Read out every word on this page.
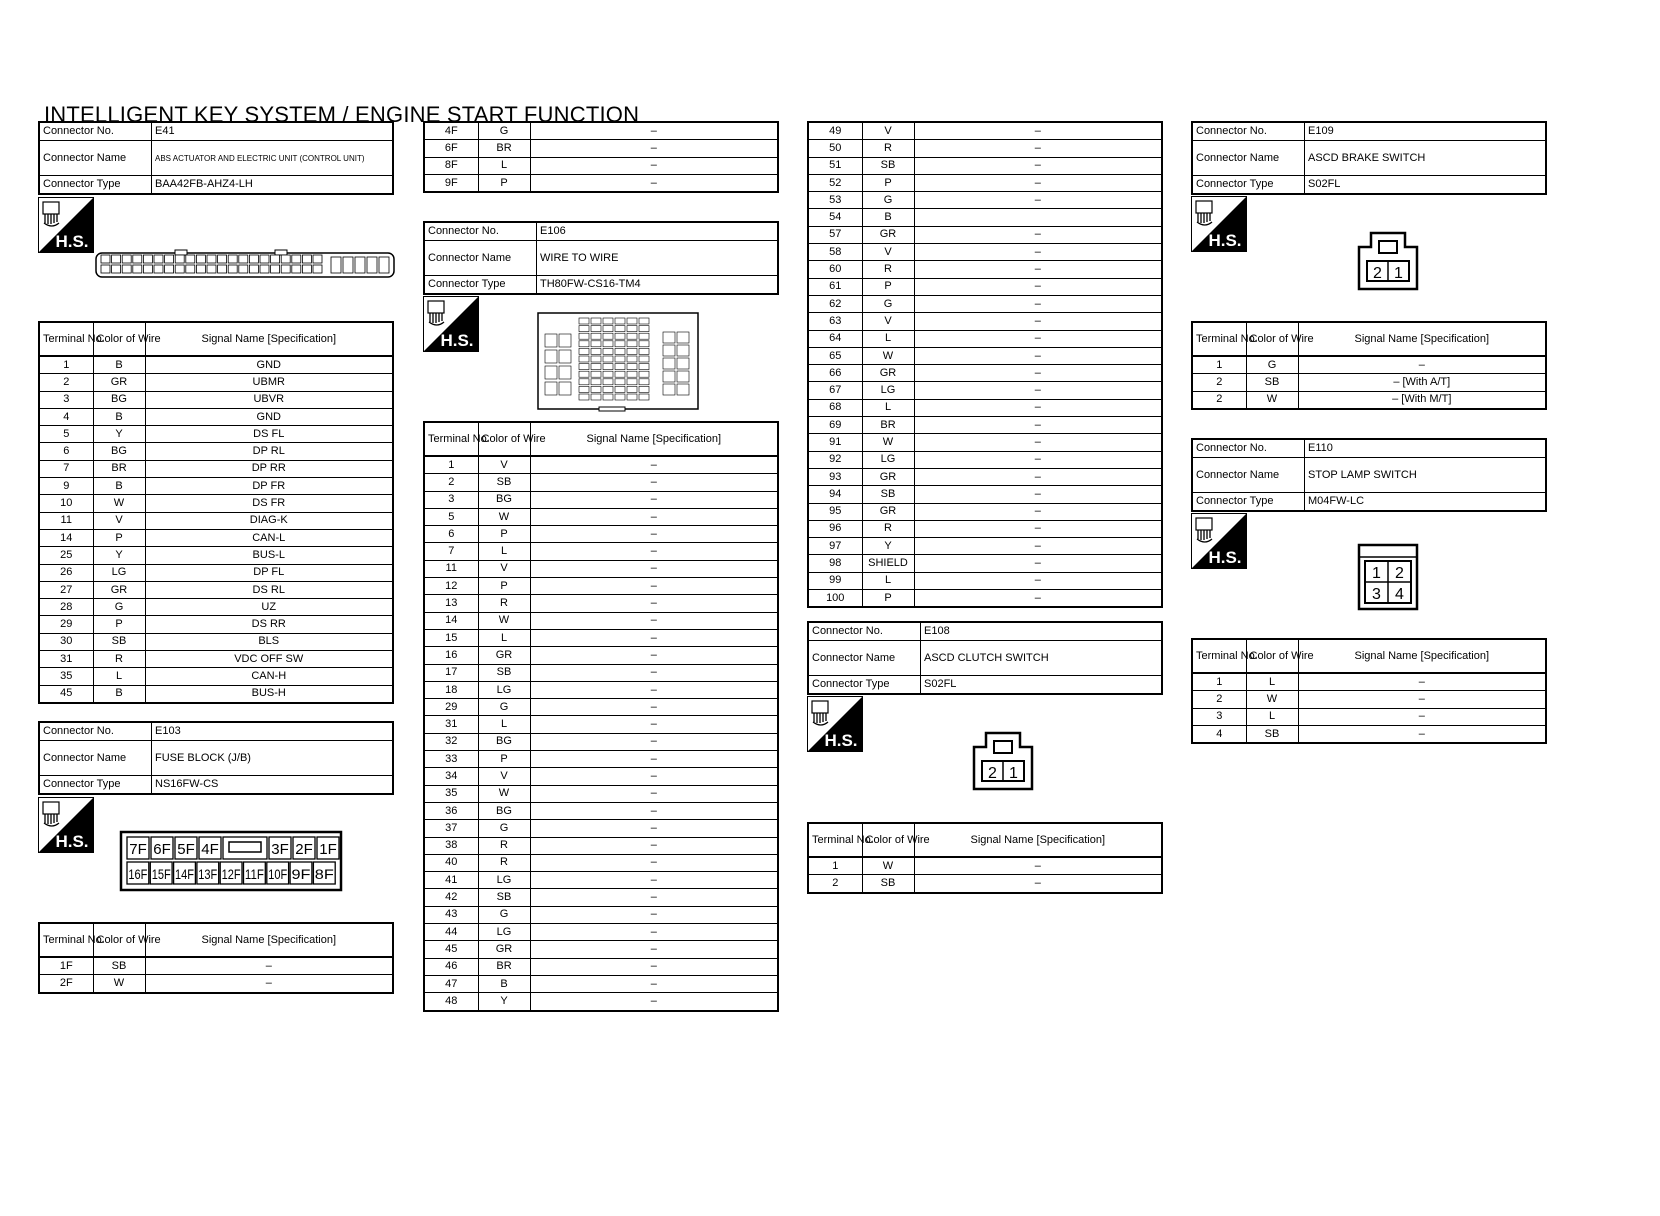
INTELLIGENT KEY SYSTEM / ENGINE START FUNCTION
Connector No.	E41
Connector Name	ABS ACTUATOR AND ELECTRIC UNIT (CONTROL UNIT)
Connector Type	BAA42FB-AHZ4-LH
H.S.
Terminal No.	Color of Wire	Signal Name [Specification]
1	B	GND
2	GR	UBMR
3	BG	UBVR
4	B	GND
5	Y	DS FL
6	BG	DP RL
7	BR	DP RR
9	B	DP FR
10	W	DS FR
11	V	DIAG-K
14	P	CAN-L
25	Y	BUS-L
26	LG	DP FL
27	GR	DS RL
28	G	UZ
29	P	DS RR
30	SB	BLS
31	R	VDC OFF SW
35	L	CAN-H
45	B	BUS-H
Connector No.	E103
Connector Name	FUSE BLOCK (J/B)
Connector Type	NS16FW-CS
H.S.	7F 6F 5F 4F	3F 2F 1F
16F 15F 14F 13F 12F 11F 10F 9F 8F
Terminal No.	Color of Wire	Signal Name [Specification]
1F	SB	–
2F	W	–
4F	G	–
6F	BR	–
8F	L	–
9F	P	–
Connector No.	E106
Connector Name	WIRE TO WIRE
Connector Type	TH80FW-CS16-TM4
H.S.
Terminal No.	Color of Wire	Signal Name [Specification]
1	V	–
2	SB	–
3	BG	–
5	W	–
6	P	–
7	L	–
11	V	–
12	P	–
13	R	–
14	W	–
15	L	–
16	GR	–
17	SB	–
18	LG	–
29	G	–
31	L	–
32	BG	–
33	P	–
34	V	–
35	W	–
36	BG	–
37	G	–
38	R	–
40	R	–
41	LG	–
42	SB	–
43	G	–
44	LG	–
45	GR	–
46	BR	–
47	B	–
48	Y	–
49	V	–
50	R	–
51	SB	–
52	P	–
53	G	–
54	B	
57	GR	–
58	V	–
60	R	–
61	P	–
62	G	–
63	V	–
64	L	–
65	W	–
66	GR	–
67	LG	–
68	L	–
69	BR	–
91	W	–
92	LG	–
93	GR	–
94	SB	–
95	GR	–
96	R	–
97	Y	–
98	SHIELD	–
99	L	–
100	P	–
Connector No.	E108
Connector Name	ASCD CLUTCH SWITCH
Connector Type	S02FL
H.S.
2 1
Terminal No.	Color of Wire	Signal Name [Specification]
1	W	–
2	SB	–
Connector No.	E109
Connector Name	ASCD BRAKE SWITCH
Connector Type	S02FL
H.S.
2 1
Terminal No.	Color of Wire	Signal Name [Specification]
1	G	–
2	SB	– [With A/T]
2	W	– [With M/T]
Connector No.	E110
Connector Name	STOP LAMP SWITCH
Connector Type	M04FW-LC
H.S.
1 2
3 4
Terminal No.	Color of Wire	Signal Name [Specification]
1	L	–
2	W	–
3	L	–
4	SB	–
